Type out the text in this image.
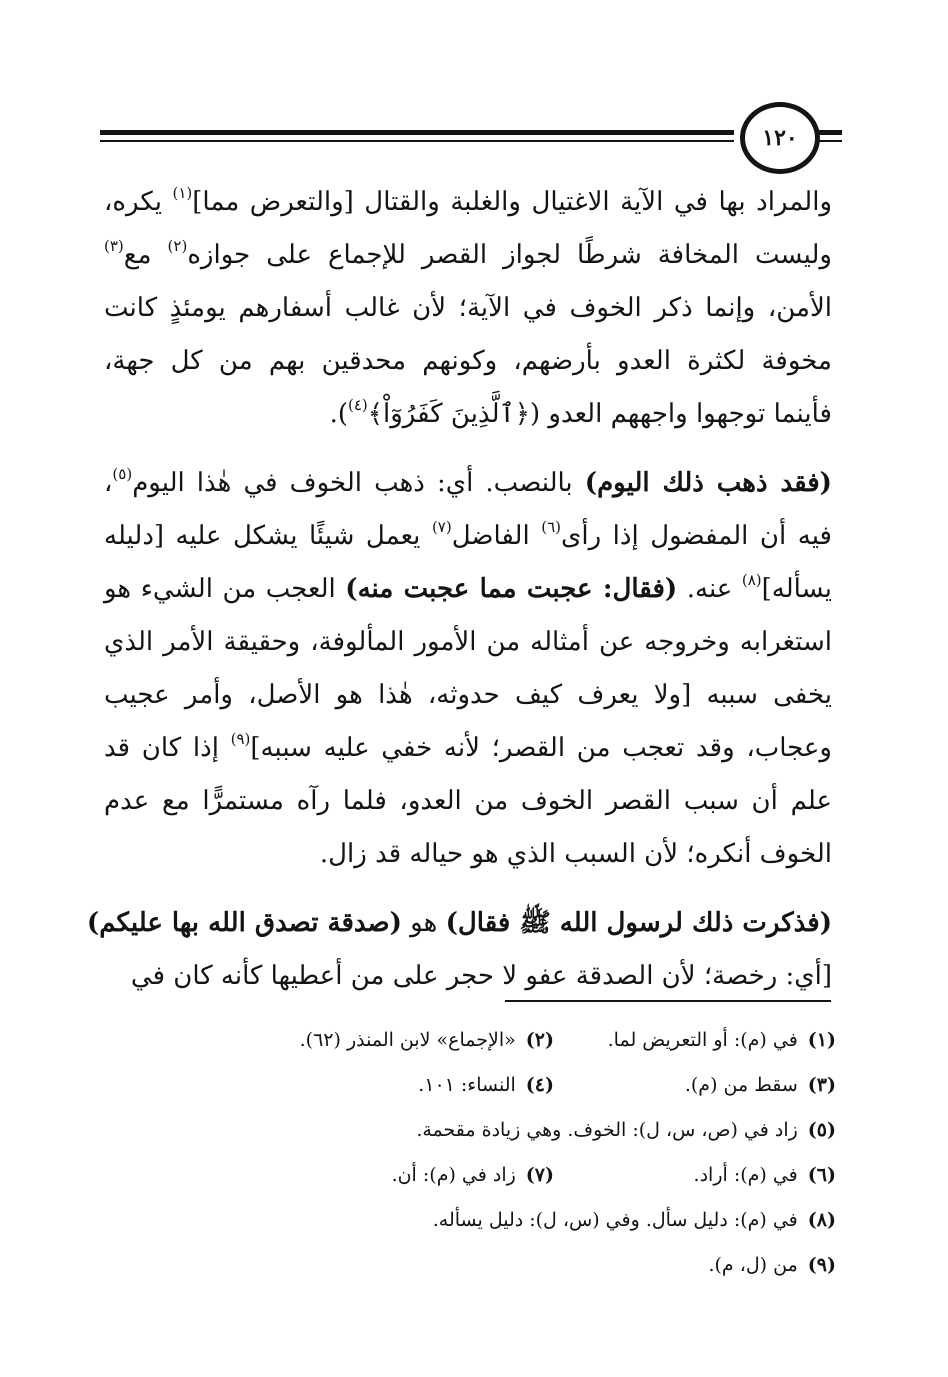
١٢٠

والمراد بها في الآية الاغتيال والغلبة والقتال [والتعرض مما]$^{(١)}$ يكره،
وليست المخافة شرطًا لجواز القصر للإجماع على جوازه$^{(٢)}$ مع$^{(٣)}$
الأمن، وإنما ذكر الخوف في الآية؛ لأن غالب أسفارهم يومئذٍ كانت
مخوفة لكثرة العدو بأرضهم، وكونهم محدقين بهم من كل جهة،
فأينما توجهوا واجههم العدو (﴿ٱلَّذِينَ كَفَرُوٓاْ﴾$^{(٤)}$).

(فقد ذهب ذلك اليوم) بالنصب. أي: ذهب الخوف في هٰذا اليوم$^{(٥)}$،
فيه أن المفضول إذا رأى$^{(٦)}$ الفاضل$^{(٧)}$ يعمل شيئًا يشكل عليه [دليله
يسأله]$^{(٨)}$ عنه. (فقال: عجبت مما عجبت منه) العجب من الشيء هو
استغرابه وخروجه عن أمثاله من الأمور المألوفة، وحقيقة الأمر الذي
يخفى سببه [ولا يعرف كيف حدوثه، هٰذا هو الأصل، وأمر عجيب
وعجاب، وقد تعجب من القصر؛ لأنه خفي عليه سببه]$^{(٩)}$ إذا كان قد
علم أن سبب القصر الخوف من العدو، فلما رآه مستمرًّا مع عدم
الخوف أنكره؛ لأن السبب الذي هو حياله قد زال.

(فذكرت ذلك لرسول الله ﷺ فقال) هو (صدقة تصدق الله بها عليكم)
[أي: رخصة؛ لأن الصدقة عفو لا حجر على من أعطيها كأنه كان في

(١)
في (م): أو التعريض لما.
(٢)
«الإجماع» لابن المنذر (٦٢).
(٣)
سقط من (م).
(٤)
النساء: ١٠١.
(٥)
زاد في (ص، س، ل): الخوف. وهي زيادة مقحمة.
(٦)
في (م): أراد.
(٧)
زاد في (م): أن.
(٨)
في (م): دليل سأل. وفي (س، ل): دليل يسأله.
(٩)
من (ل، م).
